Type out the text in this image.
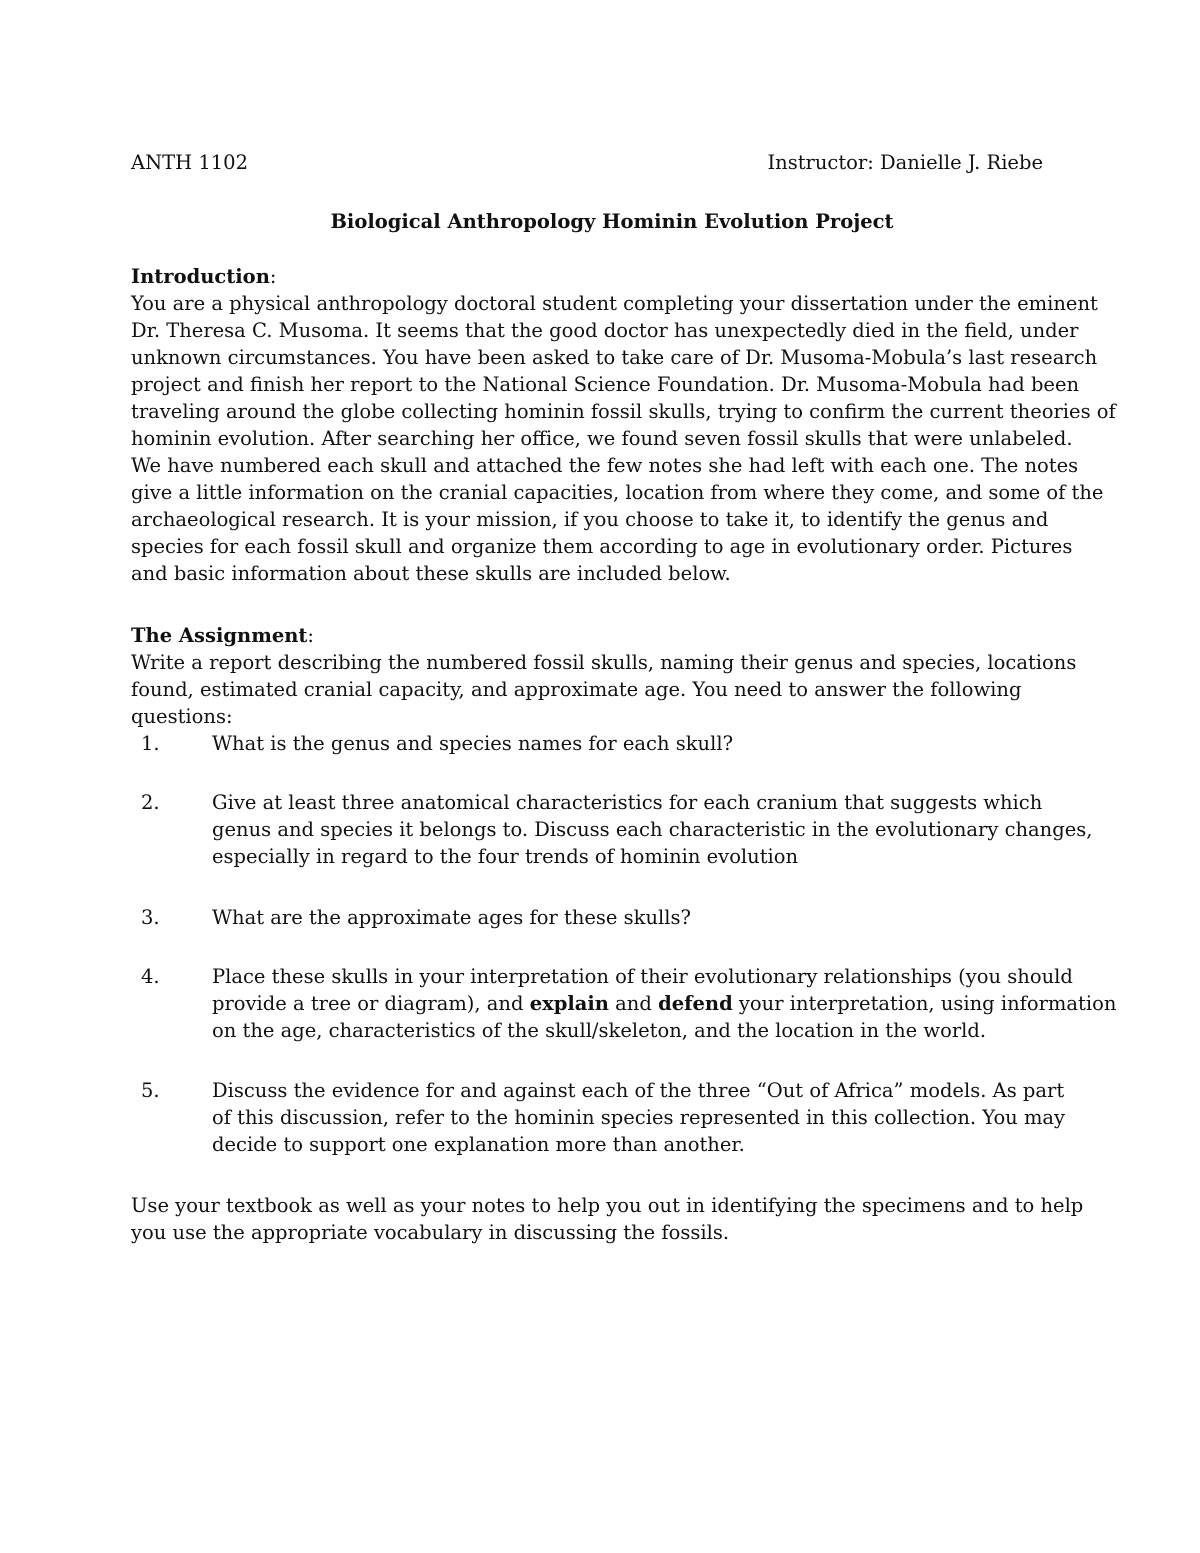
ANTH 1102	Instructor: Danielle J. Riebe
Biological Anthropology Hominin Evolution Project
Introduction:
You are a physical anthropology doctoral student completing your dissertation under the eminent
Dr. Theresa C. Musoma. It seems that the good doctor has unexpectedly died in the field, under
unknown circumstances. You have been asked to take care of Dr. Musoma-Mobula’s last research
project and finish her report to the National Science Foundation. Dr. Musoma-Mobula had been
traveling around the globe collecting hominin fossil skulls, trying to confirm the current theories of
hominin evolution. After searching her office, we found seven fossil skulls that were unlabeled.
We have numbered each skull and attached the few notes she had left with each one. The notes
give a little information on the cranial capacities, location from where they come, and some of the
archaeological research. It is your mission, if you choose to take it, to identify the genus and
species for each fossil skull and organize them according to age in evolutionary order. Pictures
and basic information about these skulls are included below.
The Assignment:
Write a report describing the numbered fossil skulls, naming their genus and species, locations
found, estimated cranial capacity, and approximate age. You need to answer the following
questions:
1.	What is the genus and species names for each skull?
2.	Give at least three anatomical characteristics for each cranium that suggests which
genus and species it belongs to. Discuss each characteristic in the evolutionary changes,
especially in regard to the four trends of hominin evolution
3.	What are the approximate ages for these skulls?
4.	Place these skulls in your interpretation of their evolutionary relationships (you should
provide a tree or diagram), and explain and defend your interpretation, using information
on the age, characteristics of the skull/skeleton, and the location in the world.
5.	Discuss the evidence for and against each of the three “Out of Africa” models. As part
of this discussion, refer to the hominin species represented in this collection. You may
decide to support one explanation more than another.
Use your textbook as well as your notes to help you out in identifying the specimens and to help
you use the appropriate vocabulary in discussing the fossils.
